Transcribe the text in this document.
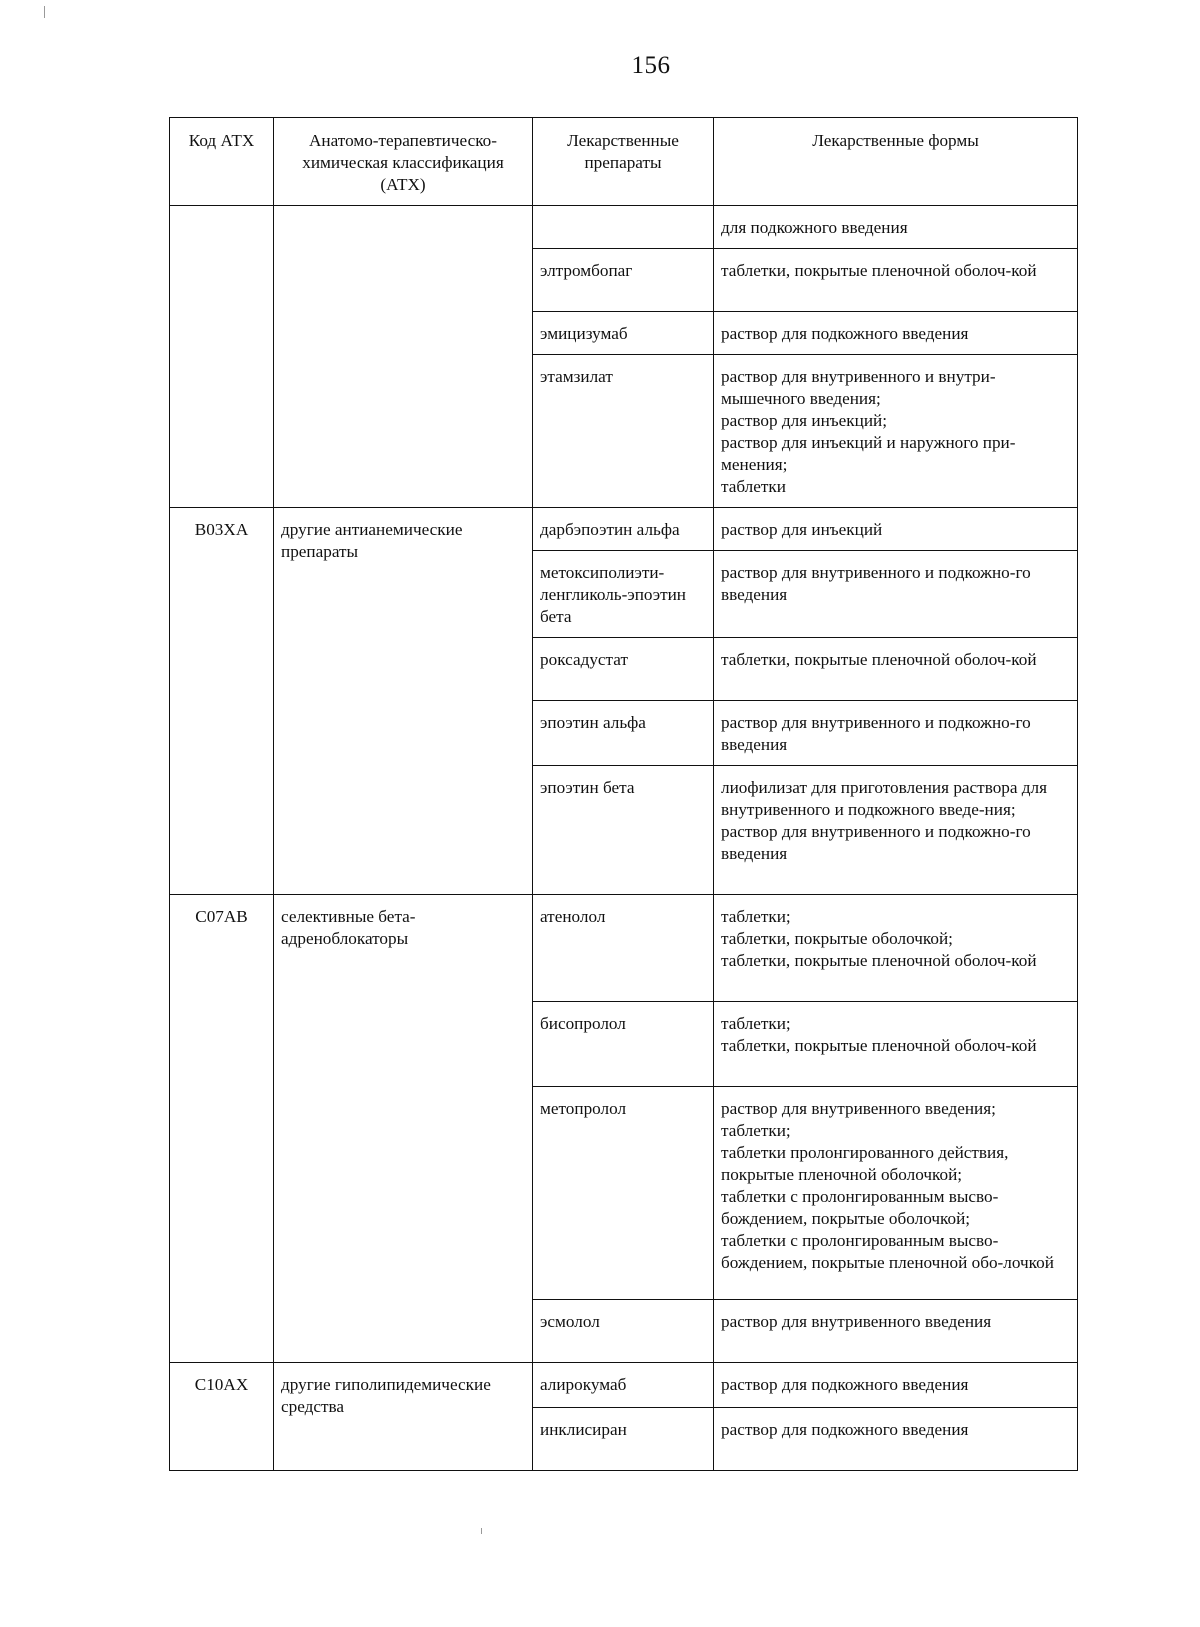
156
Код АТХ	Анатомо-терапевтическо-химическая классификация (АТХ)	Лекарственные препараты	Лекарственные формы

			для подкожного введения

		элтромбопаг	таблетки, покрытые пленочной оболоч-кой

		эмицизумаб	раствор для подкожного введения

		этамзилат	раствор для внутривенного и внутри-мышечного введения;
раствор для инъекций;
раствор для инъекций и наружного при-менения;
таблетки

B03XA	другие антианемические препараты	дарбэпоэтин альфа	раствор для инъекций

		метоксиполиэти-ленгликоль-эпоэтин бета	раствор для внутривенного и подкожно-го введения

		роксадустат	таблетки, покрытые пленочной оболоч-кой

		эпоэтин альфа	раствор для внутривенного и подкожно-го введения

		эпоэтин бета	лиофилизат для приготовления раствора для внутривенного и подкожного введе-ния;
раствор для внутривенного и подкожно-го введения

C07AB	селективные бета-адреноблокаторы	атенолол	таблетки;
таблетки, покрытые оболочкой;
таблетки, покрытые пленочной оболоч-кой

		бисопролол	таблетки;
таблетки, покрытые пленочной оболоч-кой

		метопролол	раствор для внутривенного введения;
таблетки;
таблетки пролонгированного действия, покрытые пленочной оболочкой;
таблетки с пролонгированным высво-бождением, покрытые оболочкой;
таблетки с пролонгированным высво-бождением, покрытые пленочной обо-лочкой

		эсмолол	раствор для внутривенного введения

C10AX	другие гиполипидемические средства	алирокумаб	раствор для подкожного введения

		инклисиран	раствор для подкожного введения
